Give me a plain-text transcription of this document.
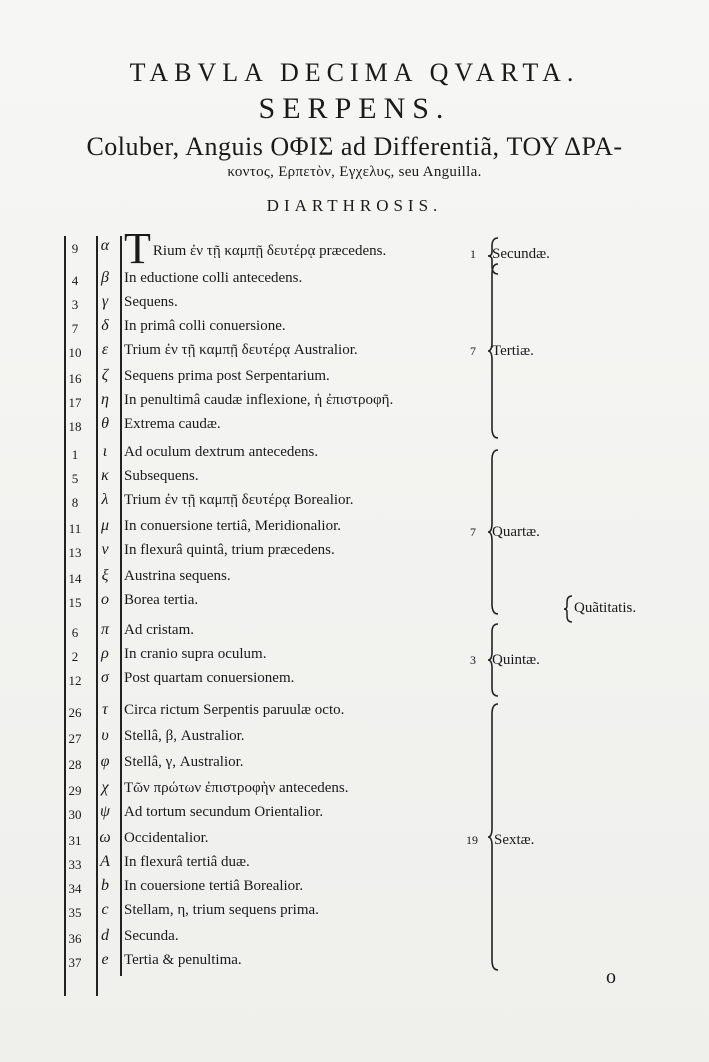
TABVLA DECIMA QVARTA.
SERPENS.
Coluber, Anguis ΟΦΙΣ ad Differentiã, ΤΟΥ ΔΡΑ-
κοντος, Ερπετὸν, Εγχελυς, seu Anguilla.
DIARTHROSIS.
9	α T Rium ἐν τῇ καμπῇ δευτέρᾳ præcedens.
4	β	In eductione colli antecedens.
3	γ	Sequens.
7	δ	In primâ colli conuersione.
10	ε	Trium ἐν τῇ καμπῇ δευτέρᾳ Australior.
16	ζ	Sequens prima post Serpentarium.
17	η	In penultimâ caudæ inflexione, ἡ ἐπιστροφῆ.
18	θ	Extrema caudæ.
1	ι	Ad oculum dextrum antecedens.
5	κ	Subsequens.
8	λ	Trium ἐν τῇ καμπῇ δευτέρᾳ Borealior.
11	μ In conuersione tertiâ, Meridionalior.
13	ν	In flexurâ quintâ, trium præcedens.
14	ξ	Austrina sequens.
15	ο	Borea tertia.
6	π	Ad cristam.
2	ρ	In cranio supra oculum.
12	σ	Post quartam conuersionem.
26	τ	Circa rictum Serpentis paruulæ octo.
27	υ	Stellâ, β, Australior.
28	φ Stellâ, γ, Australior.
29	χ	Τῶν πρώτων ἐπιστροφὴν antecedens.
30	ψ Ad tortum secundum Orientalior.
31	ω Occidentalior.
33	A In flexurâ tertiâ duæ.
34	b	In couersione tertiâ Borealior.
35	c	Stellam, η, trium sequens prima.
36	d	Secunda.
37	e	Tertia & penultima.
1 Secundæ.
7 Tertiæ.
7 Quartæ.
3 Quintæ.
19 Sextæ.
Quãtitatis.
o
